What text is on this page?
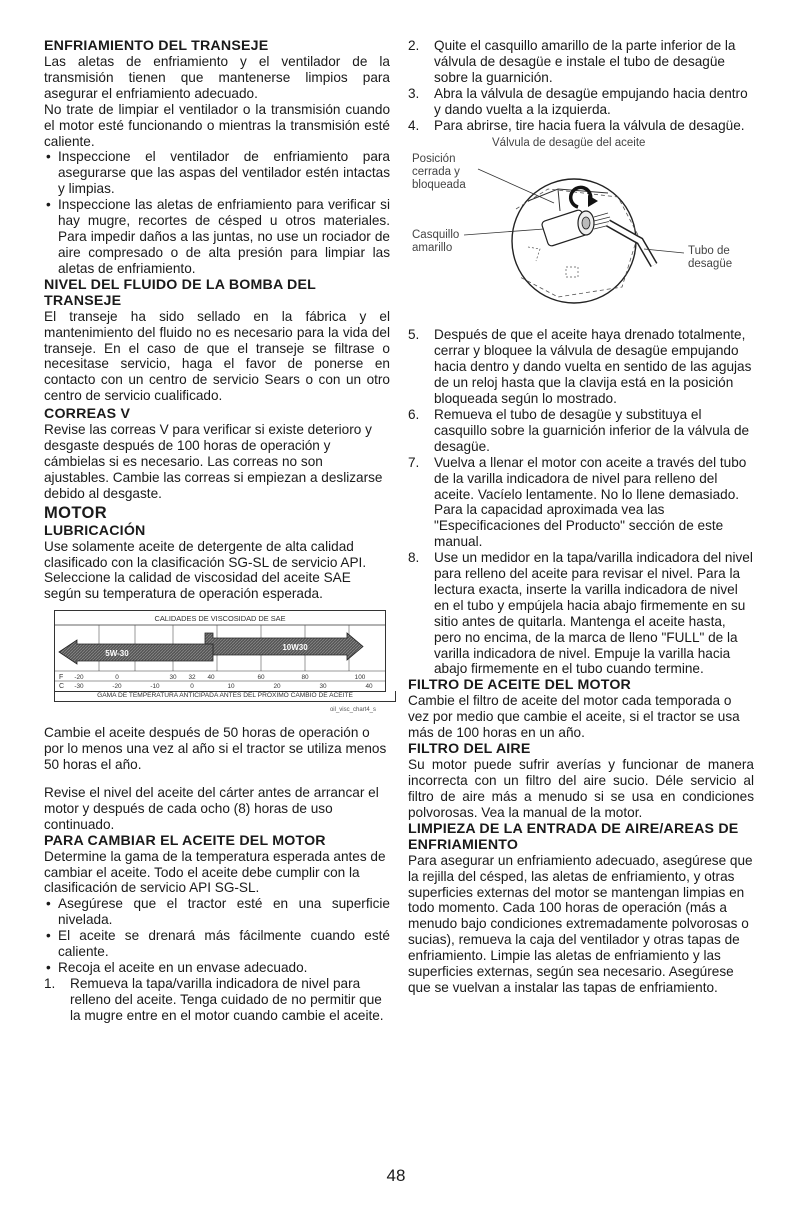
ENFRIAMIENTO DEL TRANSEJE

Las aletas de enfriamiento y el ventilador de la transmisión tienen que mantenerse limpios para asegurar el enfriamiento adecuado.

No trate de limpiar el ventilador o la transmisión cuando el motor esté funcionando o mientras la transmisión esté caliente.

• Inspeccione el ventilador de enfriamiento para asegurarse que las aspas del ventilador estén intactas y limpias.
• Inspeccione las aletas de enfriamiento para verificar si hay mugre, recortes de césped u otros materiales. Para impedir daños a las juntas, no use un rociador de aire compresado o de alta presión para limpiar las aletas de enfriamiento.
NIVEL DEL FLUIDO DE LA BOMBA DEL TRANSEJE

El transeje ha sido sellado en la fábrica y el mantenimiento del fluido no es necesario para la vida del transeje. En el caso de que el transeje se filtrase o necesitase servicio, haga el favor de ponerse en contacto con un centro de servicio Sears o con un otro centro de servicio cualificado.

CORREAS V

Revise las correas V para verificar si existe deterioro y desgaste después de 100 horas de operación y cámbielas si es necesario. Las correas no son ajustables. Cambie las correas si empiezan a deslizarse debido al desgaste.

MOTOR
LUBRICACIÓN

Use solamente aceite de detergente de alta calidad clasificado con la clasificación SG-SL de servicio API. Seleccione la calidad de viscosidad del aceite SAE según su temperatura de operación esperada.

CALIDADES DE VISCOSIDAD DE SAE
10W30
5W-30
F -20	0	30 32 40	60	80	100
C -30	-20	-10	0	10	20	30	40
GAMA DE TEMPERATURA ANTICIPADA ANTES DEL PROXIMO CAMBIO DE ACEITE
oil_visc_chart4_s

Cambie el aceite después de 50 horas de operación o por lo menos una vez al año si el tractor se utiliza menos 50 horas el año.

Revise el nivel del aceite del cárter antes de arrancar el motor y después de cada ocho (8) horas de uso continuado.

PARA CAMBIAR EL ACEITE DEL MOTOR

Determine la gama de la temperatura esperada antes de cambiar el aceite. Todo el aceite debe cumplir con la clasificación de servicio API SG-SL.

• Asegúrese que el tractor esté en una superficie nivelada.
• El aceite se drenará más fácilmente cuando esté caliente.
• Recoja el aceite en un envase adecuado.
1. Remueva la tapa/varilla indicadora de nivel para relleno del aceite. Tenga cuidado de no permitir que la mugre entre en el motor cuando cambie el aceite.
2. Quite el casquillo amarillo de la parte inferior de la válvula de desagüe e instale el tubo de desagüe sobre la guarnición.
3. Abra la válvula de desagüe empujando hacia dentro y dando vuelta a la izquierda.
4. Para abrirse, tire hacia fuera la válvula de desagüe.
Válvula de desagüe del aceite
Posición
cerrada y
bloqueada
Casquillo
amarillo	Tubo de
desagüe
5. Después de que el aceite haya drenado totalmente, cerrar y bloquee la válvula de desagüe empujando hacia dentro y dando vuelta en sentido de las agujas de un reloj hasta que la clavija está en la posición bloqueada según lo mostrado.
6. Remueva el tubo de desagüe y substituya el casquillo sobre la guarnición inferior de la válvula de desagüe.
7. Vuelva a llenar el motor con aceite a través del tubo de la varilla indicadora de nivel para relleno del aceite. Vacíelo lentamente. No lo llene demasiado. Para la capacidad aproximada vea las "Especificaciones del Producto" sección de este manual.
8. Use un medidor en la tapa/varilla indicadora del nivel para relleno del aceite para revisar el nivel. Para la lectura exacta, inserte la varilla indicadora de nivel en el tubo y empújela hacia abajo firmemente en su sitio antes de quitarla. Mantenga el aceite hasta, pero no encima, de la marca de lleno "FULL" de la varilla indicadora de nivel. Empuje la varilla hacia abajo firmemente en el tubo cuando termine.
FILTRO DE ACEITE DEL MOTOR

Cambie el filtro de aceite del motor cada temporada o vez por medio que cambie el aceite, si el tractor se usa más de 100 horas en un año.

FILTRO DEL AIRE

Su motor puede sufrir averías y funcionar de manera incorrecta con un filtro del aire sucio. Déle servicio al filtro de aire más a menudo si se usa en condiciones polvorosas. Vea la manual de la motor.

LIMPIEZA DE LA ENTRADA DE AIRE/AREAS DE ENFRIAMIENTO

Para asegurar un enfriamiento adecuado, asegúrese que la rejilla del césped, las aletas de enfriamiento, y otras superficies externas del motor se mantengan limpias en todo momento. Cada 100 horas de operación (más a menudo bajo condiciones extremadamente polvorosas o sucias), remueva la caja del ventilador y otras tapas de enfriamiento. Limpie las aletas de enfriamiento y las superficies externas, según sea necesario. Asegúrese que se vuelvan a instalar las tapas de enfriamiento.

48
